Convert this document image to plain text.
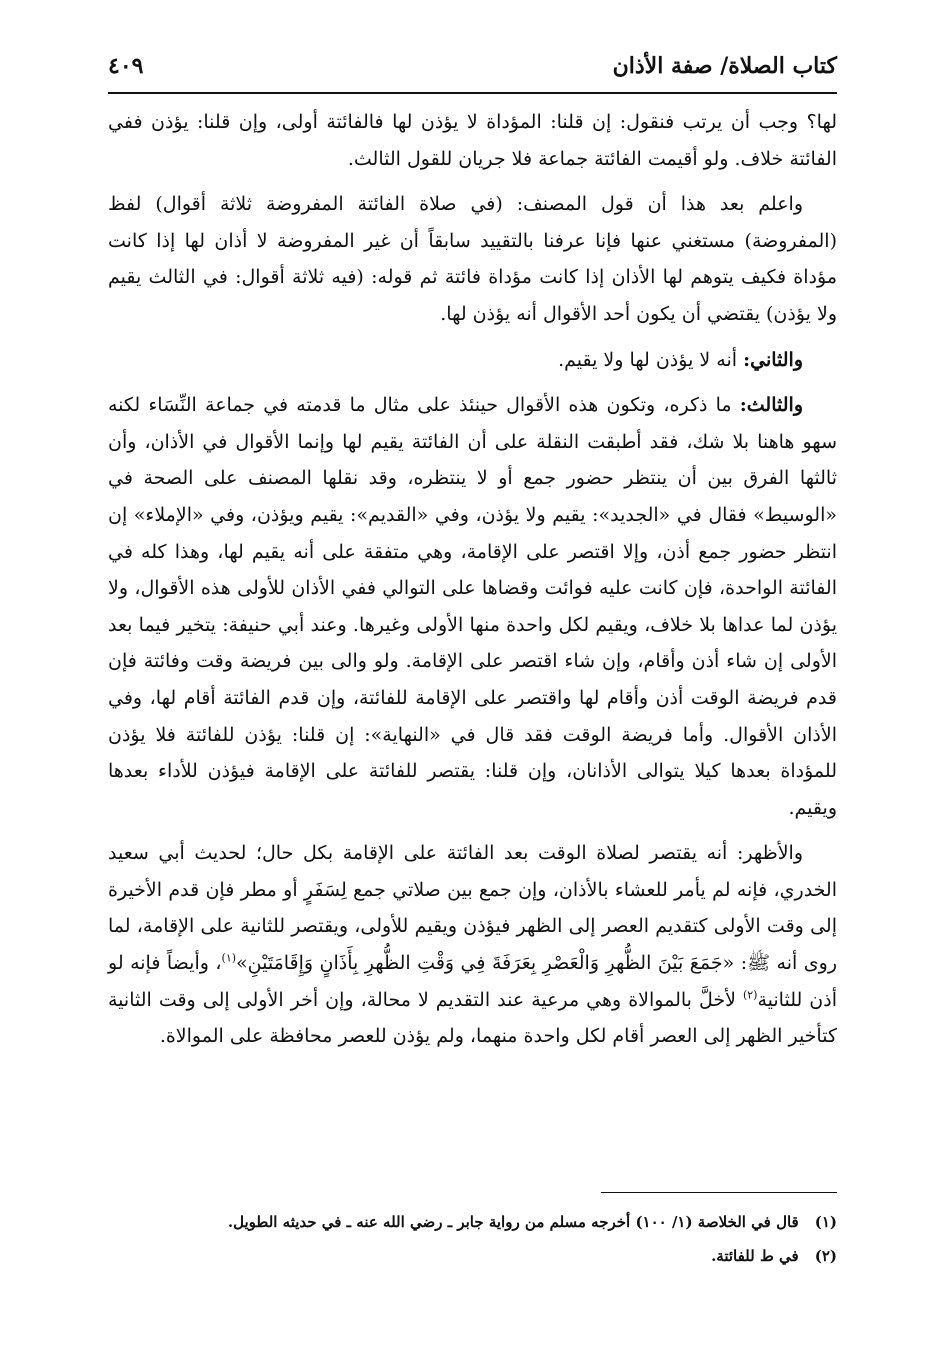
كتاب الصلاة/ صفة الأذان
٤٠٩

لها؟ وجب أن يرتب فنقول: إن قلنا: المؤداة لا يؤذن لها فالفائتة أولى، وإن قلنا: يؤذن ففي الفائتة خلاف. ولو أقيمت الفائتة جماعة فلا جريان للقول الثالث.

واعلم بعد هذا أن قول المصنف: (في صلاة الفائتة المفروضة ثلاثة أقوال) لفظ (المفروضة) مستغني عنها فإنا عرفنا بالتقييد سابقاً أن غير المفروضة لا أذان لها إذا كانت مؤداة فكيف يتوهم لها الأذان إذا كانت مؤداة فائتة ثم قوله: (فيه ثلاثة أقوال: في الثالث يقيم ولا يؤذن) يقتضي أن يكون أحد الأقوال أنه يؤذن لها.

والثاني: أنه لا يؤذن لها ولا يقيم.

والثالث: ما ذكره، وتكون هذه الأقوال حينئذ على مثال ما قدمته في جماعة النِّسَاء لكنه سهو هاهنا بلا شك، فقد أطبقت النقلة على أن الفائتة يقيم لها وإنما الأقوال في الأذان، وأن ثالثها الفرق بين أن ينتظر حضور جمع أو لا ينتظره، وقد نقلها المصنف على الصحة في «الوسيط» فقال في «الجديد»: يقيم ولا يؤذن، وفي «القديم»: يقيم ويؤذن، وفي «الإملاء» إن انتظر حضور جمع أذن، وإلا اقتصر على الإقامة، وهي متفقة على أنه يقيم لها، وهذا كله في الفائتة الواحدة، فإن كانت عليه فوائت وقضاها على التوالي ففي الأذان للأولى هذه الأقوال، ولا يؤذن لما عداها بلا خلاف، ويقيم لكل واحدة منها الأولى وغيرها. وعند أبي حنيفة: يتخير فيما بعد الأولى إن شاء أذن وأقام، وإن شاء اقتصر على الإقامة. ولو والى بين فريضة وقت وفائتة فإن قدم فريضة الوقت أذن وأقام لها واقتصر على الإقامة للفائتة، وإن قدم الفائتة أقام لها، وفي الأذان الأقوال. وأما فريضة الوقت فقد قال في «النهاية»: إن قلنا: يؤذن للفائتة فلا يؤذن للمؤداة بعدها كيلا يتوالى الأذانان، وإن قلنا: يقتصر للفائتة على الإقامة فيؤذن للأداء بعدها ويقيم.

والأظهر: أنه يقتصر لصلاة الوقت بعد الفائتة على الإقامة بكل حال؛ لحديث أبي سعيد الخدري، فإنه لم يأمر للعشاء بالأذان، وإن جمع بين صلاتي جمع لِسَفَرٍ أو مطر فإن قدم الأخيرة إلى وقت الأولى كتقديم العصر إلى الظهر فيؤذن ويقيم للأولى، ويقتصر للثانية على الإقامة، لما روى أنه ﷺ: «جَمَعَ بَيْنَ الظُّهرِ وَالْعَصْرِ بِعَرَفَةَ فِي وَقْتِ الظُّهرِ بِأَذَانٍ وَإِقَامَتَيْنِ»$^{(١)}$، وأيضاً فإنه لو أذن للثانية$^{(٢)}$ لأخلَّ بالموالاة وهي مرعية عند التقديم لا محالة، وإن أخر الأولى إلى وقت الثانية كتأخير الظهر إلى العصر أقام لكل واحدة منهما، ولم يؤذن للعصر محافظة على الموالاة.

(١)
قال في الخلاصة (١/ ١٠٠) أخرجه مسلم من رواية جابر ـ رضي الله عنه ـ في حديثه الطويل.
(٢)
في ط للفائتة.
